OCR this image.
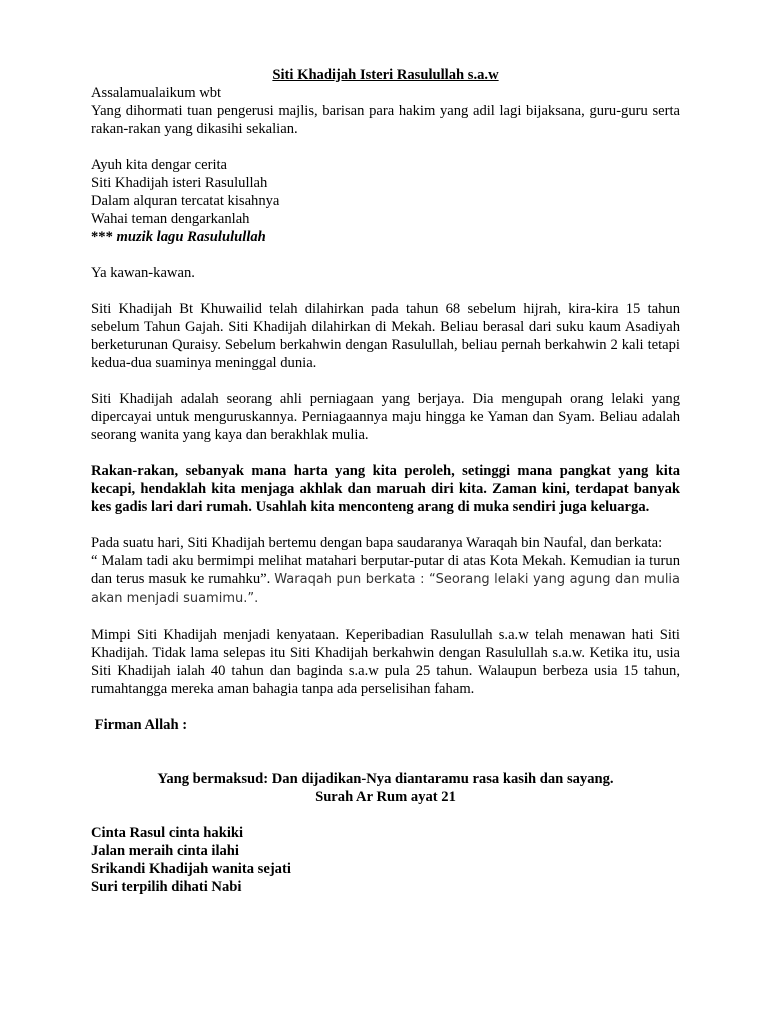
Siti Khadijah Isteri Rasulullah s.a.w

Assalamualaikum wbt

Yang dihormati tuan pengerusi majlis, barisan para hakim yang adil lagi bijaksana, guru-guru serta rakan-rakan yang dikasihi sekalian.

Ayuh kita dengar cerita

Siti Khadijah isteri Rasulullah

Dalam alquran tercatat kisahnya

Wahai teman dengarkanlah

*** muzik lagu Rasululullah

Ya kawan-kawan.

Siti Khadijah Bt Khuwailid telah dilahirkan pada tahun 68 sebelum hijrah, kira-kira 15 tahun sebelum Tahun Gajah. Siti Khadijah dilahirkan di Mekah. Beliau berasal dari suku kaum Asadiyah berketurunan Quraisy. Sebelum berkahwin dengan Rasulullah, beliau pernah berkahwin 2 kali tetapi kedua-dua suaminya meninggal dunia.

Siti Khadijah adalah seorang ahli perniagaan yang berjaya. Dia mengupah orang lelaki yang dipercayai untuk menguruskannya. Perniagaannya maju hingga ke Yaman dan Syam. Beliau adalah seorang wanita yang kaya dan berakhlak mulia.

Rakan-rakan, sebanyak mana harta yang kita peroleh, setinggi mana pangkat yang kita kecapi, hendaklah kita menjaga akhlak dan maruah diri kita. Zaman kini, terdapat banyak kes gadis lari dari rumah. Usahlah kita menconteng arang di muka sendiri juga keluarga.

Pada suatu hari, Siti Khadijah bertemu dengan bapa saudaranya Waraqah bin Naufal, dan berkata:

“ Malam tadi aku bermimpi melihat matahari berputar-putar di atas Kota Mekah. Kemudian ia turun dan terus masuk ke rumahku”. Waraqah pun berkata : “Seorang lelaki yang agung dan mulia akan menjadi suamimu.”.

Mimpi Siti Khadijah menjadi kenyataan. Keperibadian Rasulullah s.a.w telah menawan hati Siti Khadijah. Tidak lama selepas itu Siti Khadijah berkahwin dengan Rasulullah s.a.w. Ketika itu, usia Siti Khadijah ialah 40 tahun dan baginda s.a.w pula 25 tahun. Walaupun berbeza usia 15 tahun, rumahtangga mereka aman bahagia tanpa ada perselisihan faham.

Firman Allah :

Yang bermaksud: Dan dijadikan-Nya diantaramu rasa kasih dan sayang.

Surah Ar Rum ayat 21

Cinta Rasul cinta hakiki

Jalan meraih cinta ilahi

Srikandi Khadijah wanita sejati

Suri terpilih dihati Nabi
